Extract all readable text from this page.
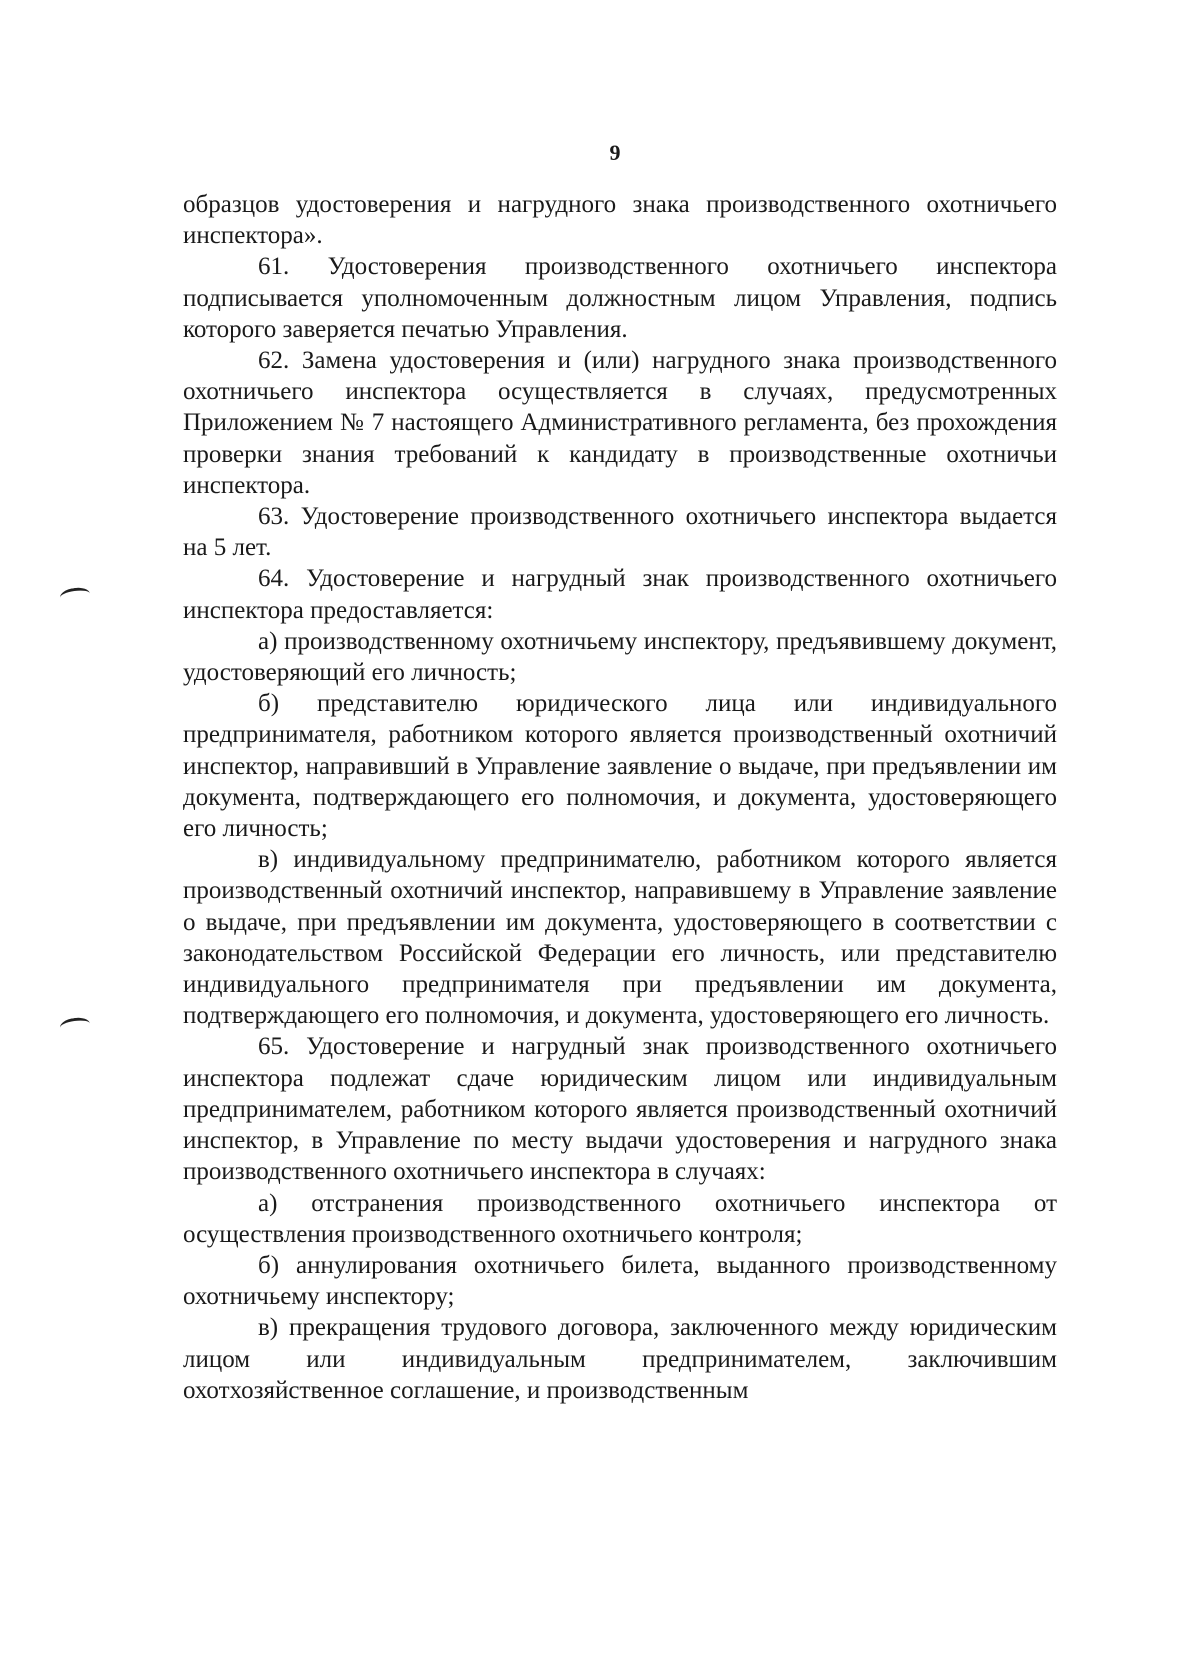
9

образцов удостоверения и нагрудного знака производственного охотничьего инспектора».

61. Удостоверения производственного охотничьего инспектора подписывается уполномоченным должностным лицом Управления, подпись которого заверяется печатью Управления.

62. Замена удостоверения и (или) нагрудного знака производственного охотничьего инспектора осуществляется в случаях, предусмотренных Приложением № 7 настоящего Административного регламента, без прохождения проверки знания требований к кандидату в производственные охотничьи инспектора.

63. Удостоверение производственного охотничьего инспектора выдается на 5 лет.

64. Удостоверение и нагрудный знак производственного охотничьего инспектора предоставляется:

а) производственному охотничьему инспектору, предъявившему документ, удостоверяющий его личность;

б) представителю юридического лица или индивидуального предпринимателя, работником которого является производственный охотничий инспектор, направивший в Управление заявление о выдаче, при предъявлении им документа, подтверждающего его полномочия, и документа, удостоверяющего его личность;

в) индивидуальному предпринимателю, работником которого является производственный охотничий инспектор, направившему в Управление заявление о выдаче, при предъявлении им документа, удостоверяющего в соответствии с законодательством Российской Федерации его личность, или представителю индивидуального предпринимателя при предъявлении им документа, подтверждающего его полномочия, и документа, удостоверяющего его личность.

65. Удостоверение и нагрудный знак производственного охотничьего инспектора подлежат сдаче юридическим лицом или индивидуальным предпринимателем, работником которого является производственный охотничий инспектор, в Управление по месту выдачи удостоверения и нагрудного знака производственного охотничьего инспектора в случаях:

а) отстранения производственного охотничьего инспектора от осуществления производственного охотничьего контроля;

б) аннулирования охотничьего билета, выданного производственному охотничьему инспектору;

в) прекращения трудового договора, заключенного между юридическим лицом или индивидуальным предпринимателем, заключившим охотхозяйственное соглашение, и производственным
